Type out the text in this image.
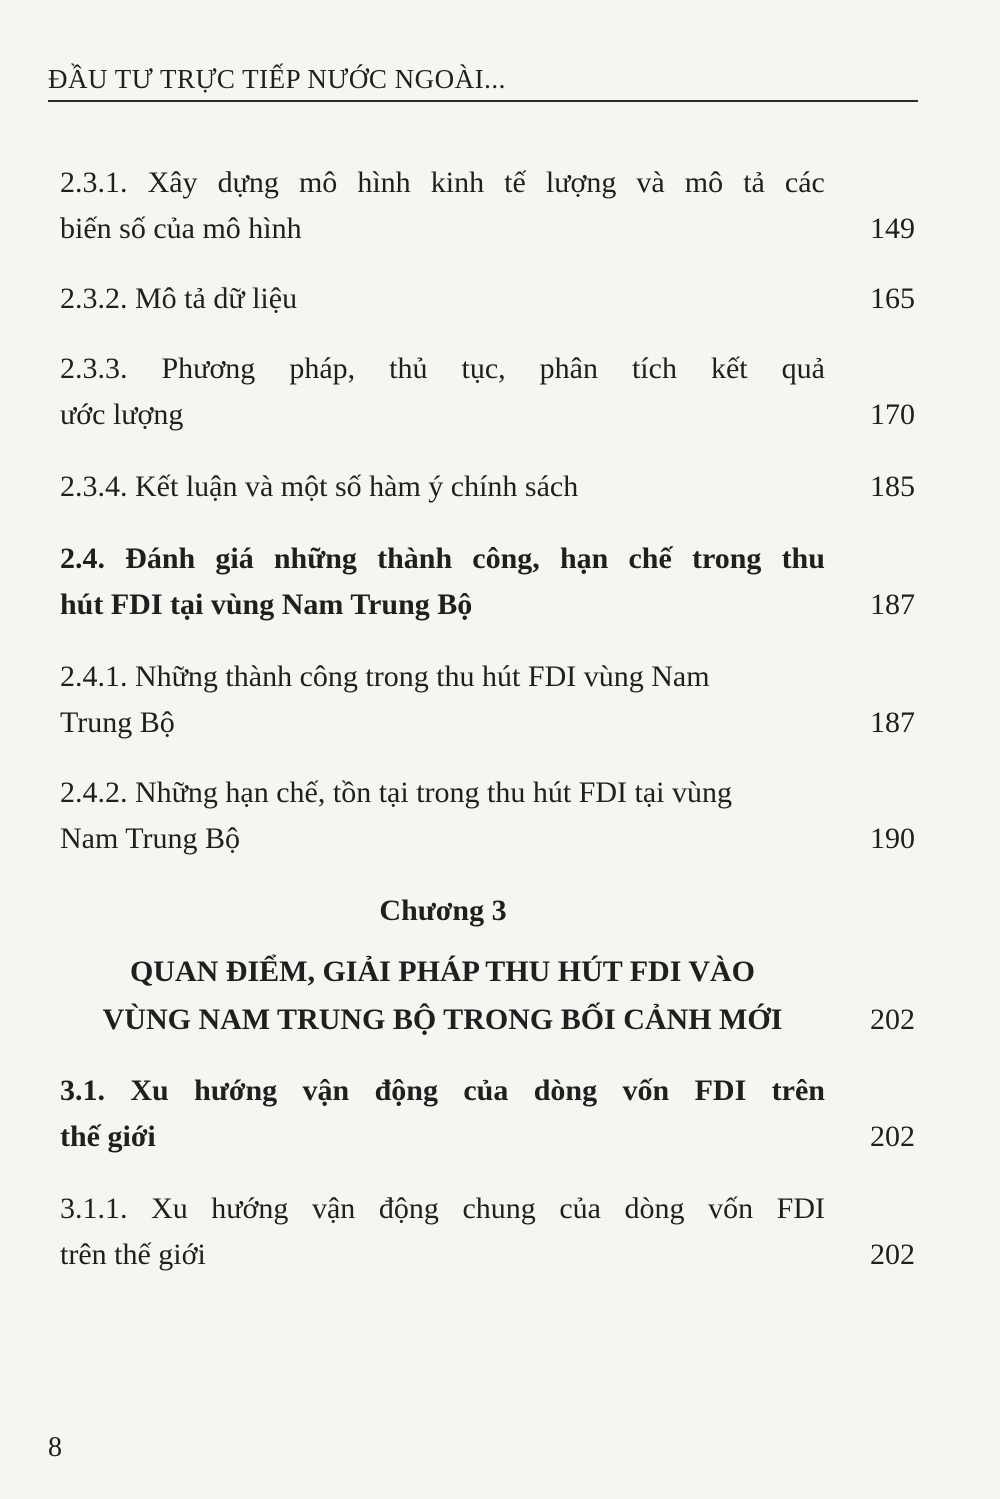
ĐẦU TƯ TRỰC TIẾP NƯỚC NGOÀI...
2.3.1. Xây dựng mô hình kinh tế lượng và mô tả các
biến số của mô hình	149
2.3.2. Mô tả dữ liệu	165
2.3.3. Phương pháp, thủ tục, phân tích kết quả
ước lượng	170
2.3.4. Kết luận và một số hàm ý chính sách	185
2.4. Đánh giá những thành công, hạn chế trong thu
hút FDI tại vùng Nam Trung Bộ	187
2.4.1. Những thành công trong thu hút FDI vùng Nam
Trung Bộ	187
2.4.2. Những hạn chế, tồn tại trong thu hút FDI tại vùng
Nam Trung Bộ	190
Chương 3
QUAN ĐIỂM, GIẢI PHÁP THU HÚT FDI VÀO
VÙNG NAM TRUNG BỘ TRONG BỐI CẢNH MỚI	202
3.1. Xu hướng vận động của dòng vốn FDI trên
thế giới	202
3.1.1. Xu hướng vận động chung của dòng vốn FDI
trên thế giới	202
8
